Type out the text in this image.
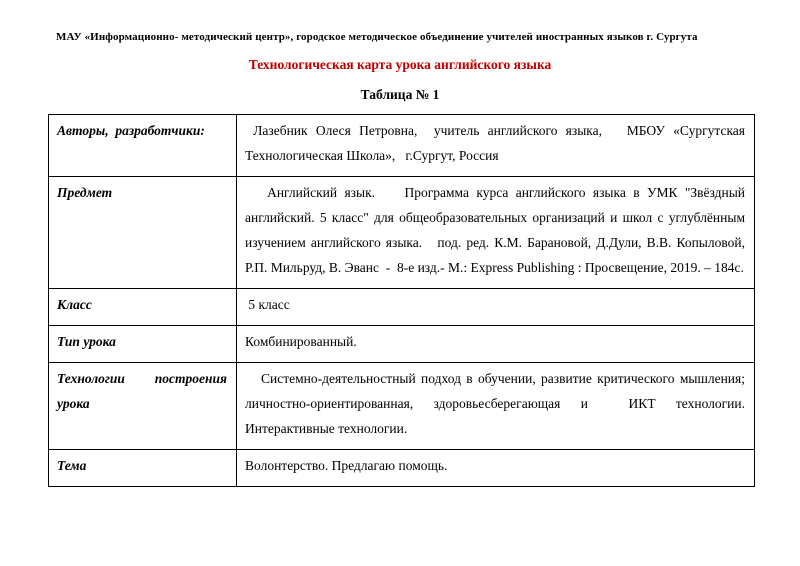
МАУ «Информационно- методический центр», городское методическое объединение учителей иностранных языков г. Сургута
Технологическая карта урока английского языка
Таблица № 1
Авторы,  разработчики:	Лазебник Олеся Петровна,  учитель английского языка,   МБОУ «Сургутская Технологическая Школа»,   г.Сургут, Россия
Предмет	Английский язык.    Программа курса английского языка в УМК "Звёздный английский. 5 класс" для общеобразовательных организаций и школ с углублённым изучением английского языка.   под. ред. К.М. Барановой, Д.Дули, В.В. Копыловой, Р.П. Мильруд, В. Эванс  -  8-е изд.- М.: Express Publishing : Просвещение, 2019. – 184с.
Класс	5 класс
Тип урока	Комбинированный.
Технологии построения урока	Системно-деятельностный подход в обучении, развитие критического мышления; личностно-ориентированная, здоровьесберегающая и  ИКТ технологии. Интерактивные технологии.
Тема	Волонтерство. Предлагаю помощь.
